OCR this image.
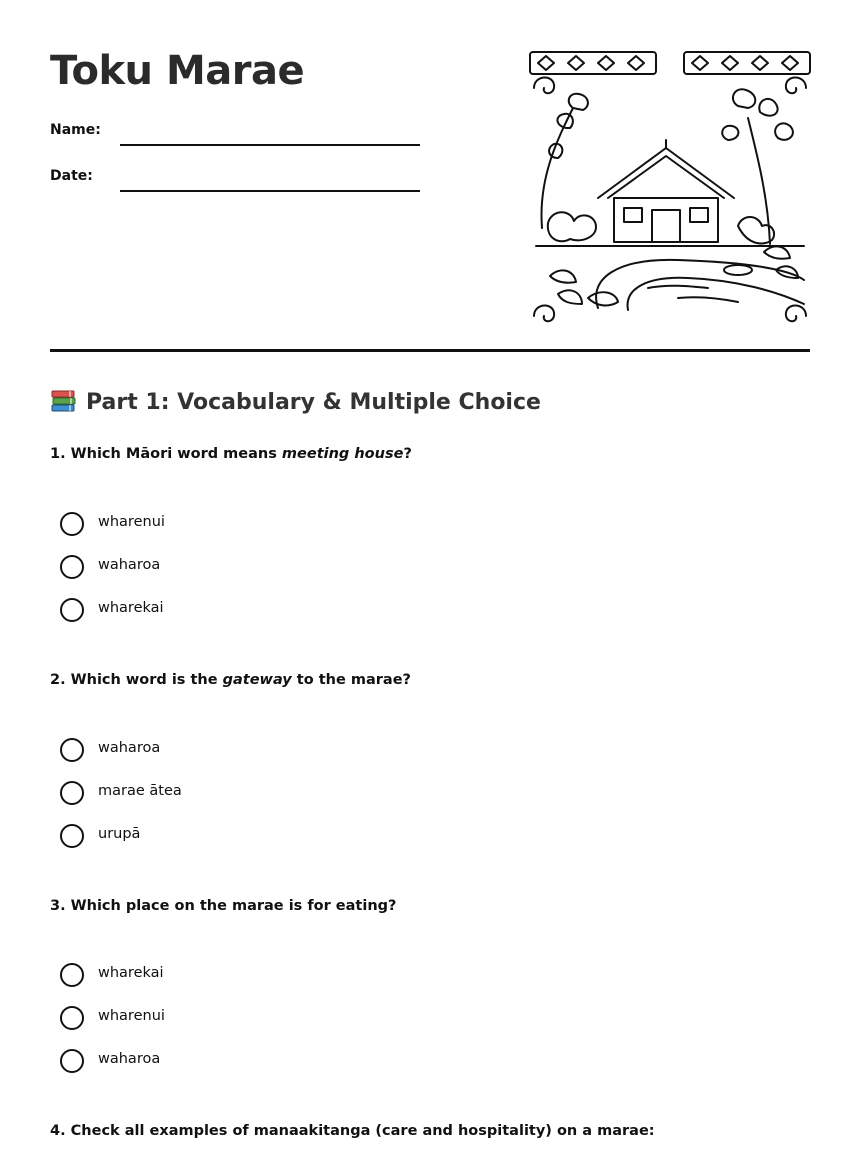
Toku Marae
Name:
Date:
Part 1: Vocabulary & Multiple Choice

1. Which Māori word means meeting house?

wharenui
waharoa
wharekai

2. Which word is the gateway to the marae?

waharoa
marae ātea
urupā

3. Which place on the marae is for eating?

wharekai
wharenui
waharoa

4. Check all examples of manaakitanga (care and hospitality) on a marae:
